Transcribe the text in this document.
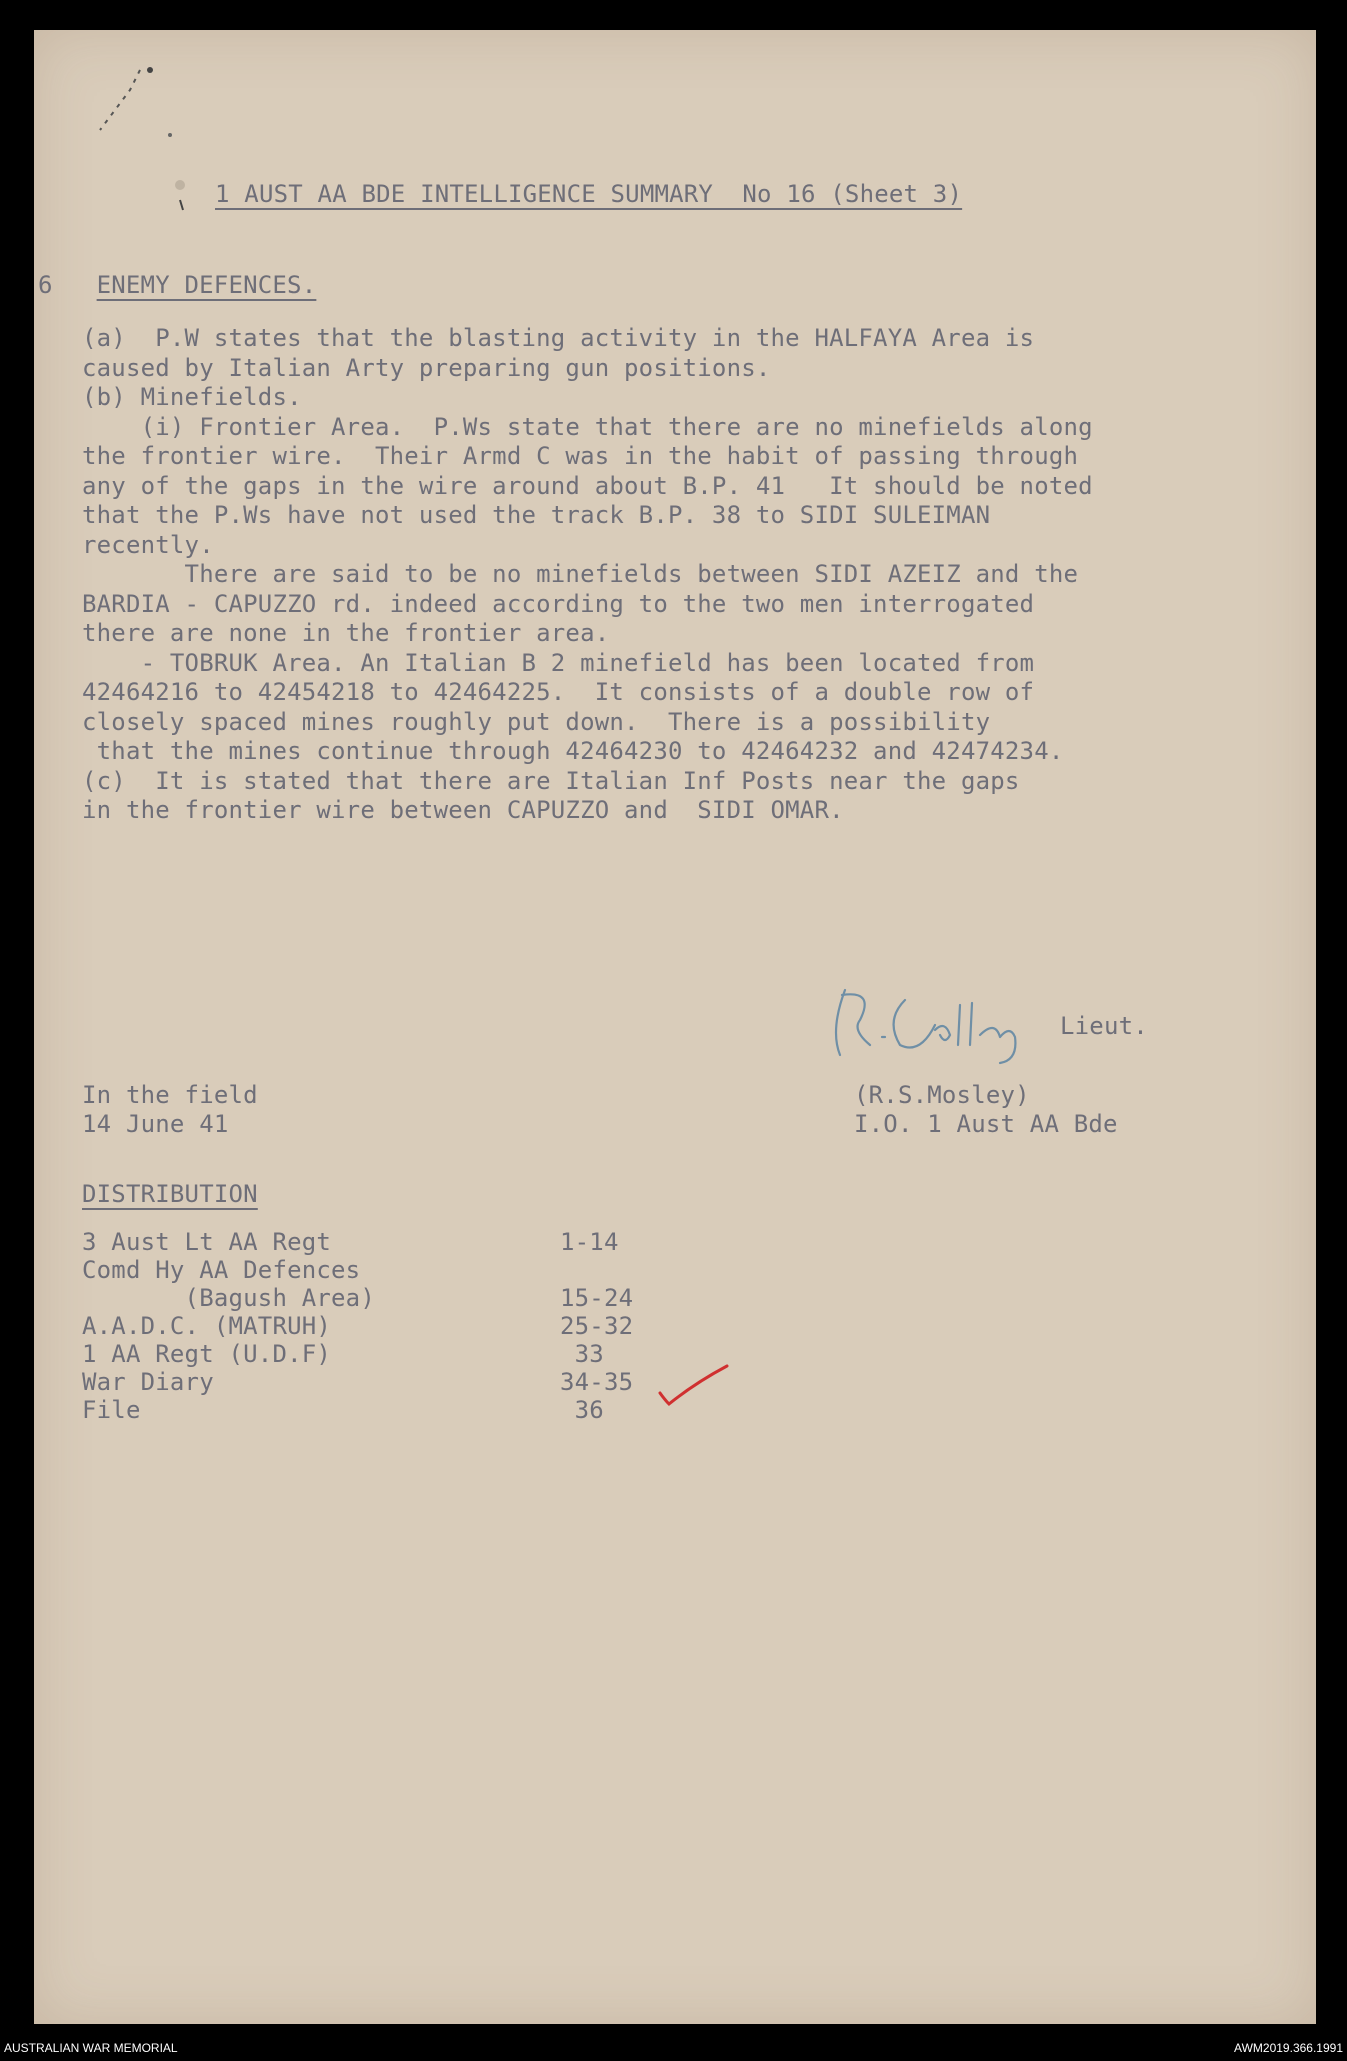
1 AUST AA BDE INTELLIGENCE SUMMARY  No 16 (Sheet 3)
6 ENEMY DEFENCES.
(a)  P.W states that the blasting activity in the HALFAYA Area is
caused by Italian Arty preparing gun positions.
(b) Minefields.
(i) Frontier Area.  P.Ws state that there are no minefields along
the frontier wire.  Their Armd C was in the habit of passing through
any of the gaps in the wire around about B.P. 41   It should be noted
that the P.Ws have not used the track B.P. 38 to SIDI SULEIMAN
recently.
There are said to be no minefields between SIDI AZEIZ and the
BARDIA - CAPUZZO rd. indeed according to the two men interrogated
there are none in the frontier area.
- TOBRUK Area. An Italian B 2 minefield has been located from
42464216 to 42454218 to 42464225.  It consists of a double row of
closely spaced mines roughly put down.  There is a possibility
that the mines continue through 42464230 to 42464232 and 42474234.
(c)  It is stated that there are Italian Inf Posts near the gaps
in the frontier wire between CAPUZZO and  SIDI OMAR.
Lieut.
(R.S.Mosley)
I.O. 1 Aust AA Bde
In the field
14 June 41
DISTRIBUTION
3 Aust Lt AA Regt
Comd Hy AA Defences
(Bagush Area)
A.A.D.C. (MATRUH)
1 AA Regt (U.D.F)
War Diary
File
1-14

15-24
25-32
33
34-35
36
AUSTRALIAN WAR MEMORIAL	AWM2019.366.1991
